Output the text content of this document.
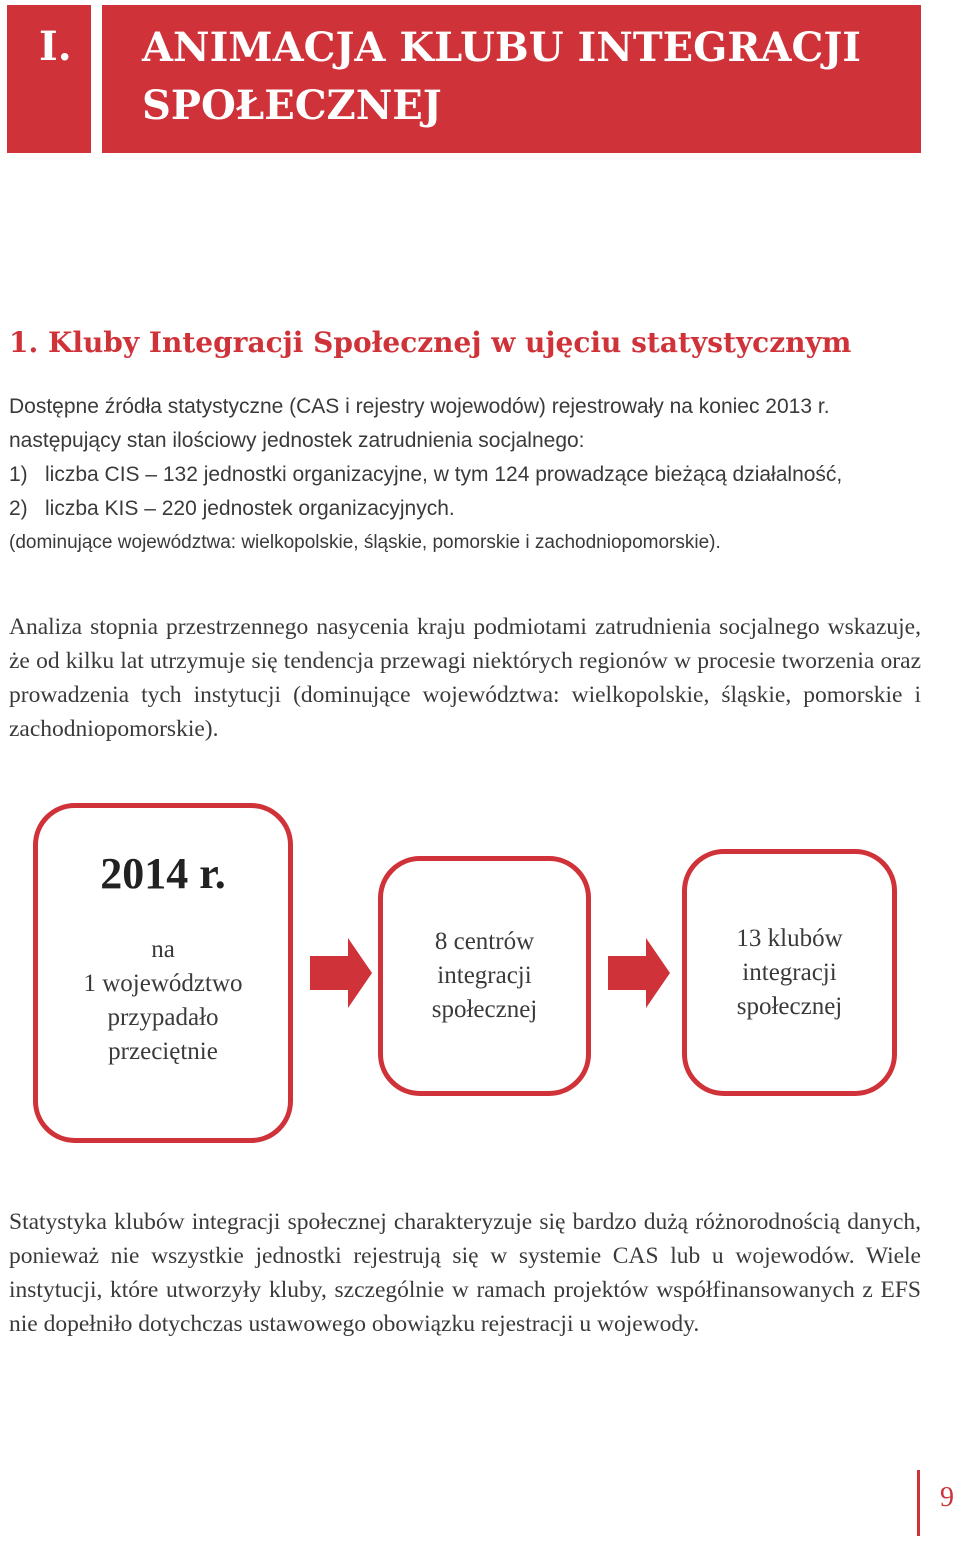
I.	ANIMACJA KLUBU INTEGRACJI
SPOŁECZNEJ
1. Kluby Integracji Społecznej w ujęciu statystycznym

Dostępne źródła statystyczne (CAS i rejestry wojewodów) rejestrowały na koniec 2013 r. następujący stan ilościowy jednostek zatrudnienia socjalnego:

1) liczba CIS – 132 jednostki organizacyjne, w tym 124 prowadzące bieżącą działalność,

2) liczba KIS – 220 jednostek organizacyjnych.

(dominujące województwa: wielkopolskie, śląskie, pomorskie i zachodniopomorskie).

Analiza stopnia przestrzennego nasycenia kraju podmiotami zatrudnienia socjalnego wskazuje, że od kilku lat utrzymuje się tendencja przewagi niektórych regionów w procesie tworzenia oraz prowadzenia tych instytucji (dominujące województwa: wielkopolskie, śląskie, pomorskie i zachodniopomorskie).

2014 r.
na
1 województwo
przypadało
przeciętnie
8 centrów
integracji
społecznej
13 klubów
integracji
społecznej

Statystyka klubów integracji społecznej charakteryzuje się bardzo dużą różnorodnością danych, ponieważ nie wszystkie jednostki rejestrują się w systemie CAS lub u wojewodów. Wiele instytucji, które utworzyły kluby, szczególnie w ramach projektów współfinansowanych z EFS nie dopełniło dotychczas ustawowego obowiązku rejestracji u wojewody.

9
